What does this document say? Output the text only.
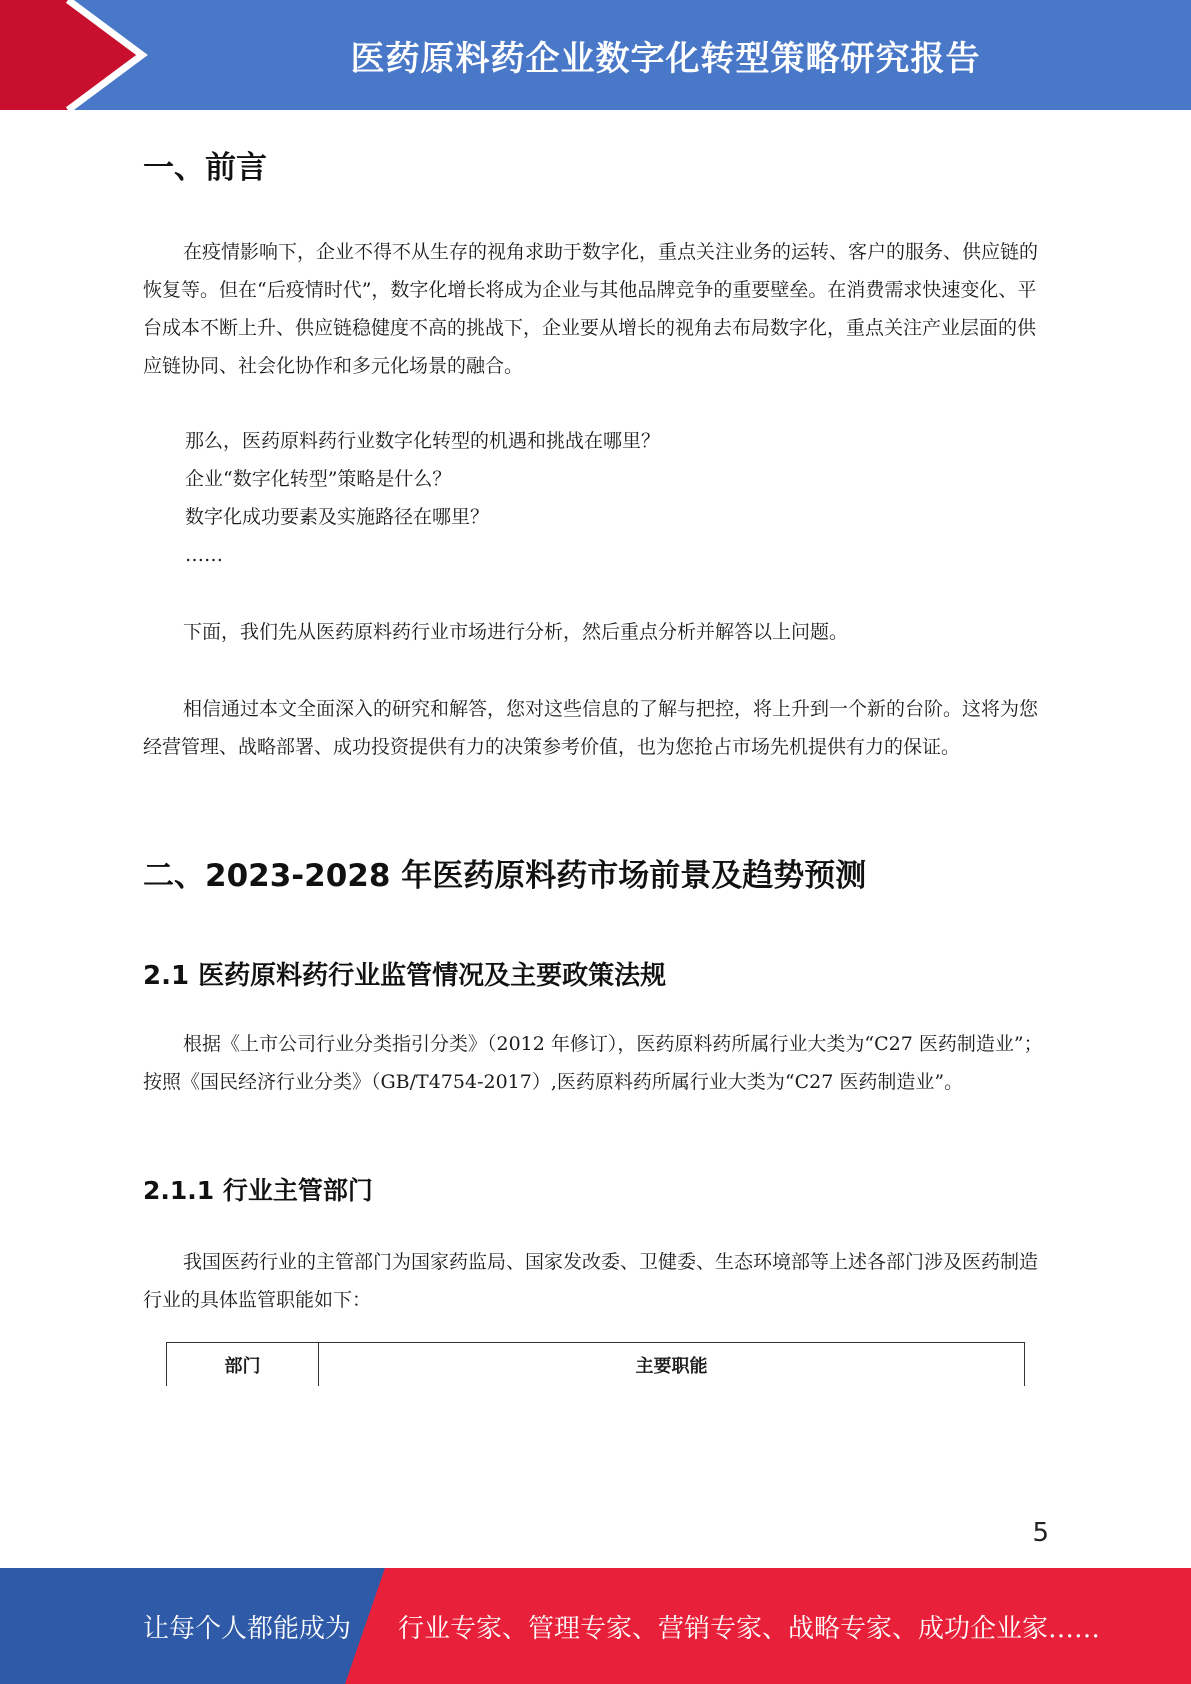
医药原料药企业数字化转型策略研究报告
一、前言

在疫情影响下，企业不得不从生存的视角求助于数字化，重点关注业务的运转、客户的服务、供应链的恢复等。但在“后疫情时代”，数字化增长将成为企业与其他品牌竞争的重要壁垒。在消费需求快速变化、平台成本不断上升、供应链稳健度不高的挑战下，企业要从增长的视角去布局数字化，重点关注产业层面的供应链协同、社会化协作和多元化场景的融合。

那么，医药原料药行业数字化转型的机遇和挑战在哪里？
企业“数字化转型”策略是什么？
数字化成功要素及实施路径在哪里？
……

下面，我们先从医药原料药行业市场进行分析，然后重点分析并解答以上问题。

相信通过本文全面深入的研究和解答，您对这些信息的了解与把控，将上升到一个新的台阶。这将为您经营管理、战略部署、成功投资提供有力的决策参考价值，也为您抢占市场先机提供有力的保证。

二、2023-2028 年医药原料药市场前景及趋势预测
2.1 医药原料药行业监管情况及主要政策法规

根据《上市公司行业分类指引分类》（2012 年修订），医药原料药所属行业大类为“C27 医药制造业”；按照《国民经济行业分类》（GB/T4754-2017）,医药原料药所属行业大类为“C27 医药制造业”。

2.1.1 行业主管部门

我国医药行业的主管部门为国家药监局、国家发改委、卫健委、生态环境部等上述各部门涉及医药制造行业的具体监管职能如下：

部门	主要职能
5
让每个人都能成为 行业专家、管理专家、营销专家、战略专家、成功企业家……
